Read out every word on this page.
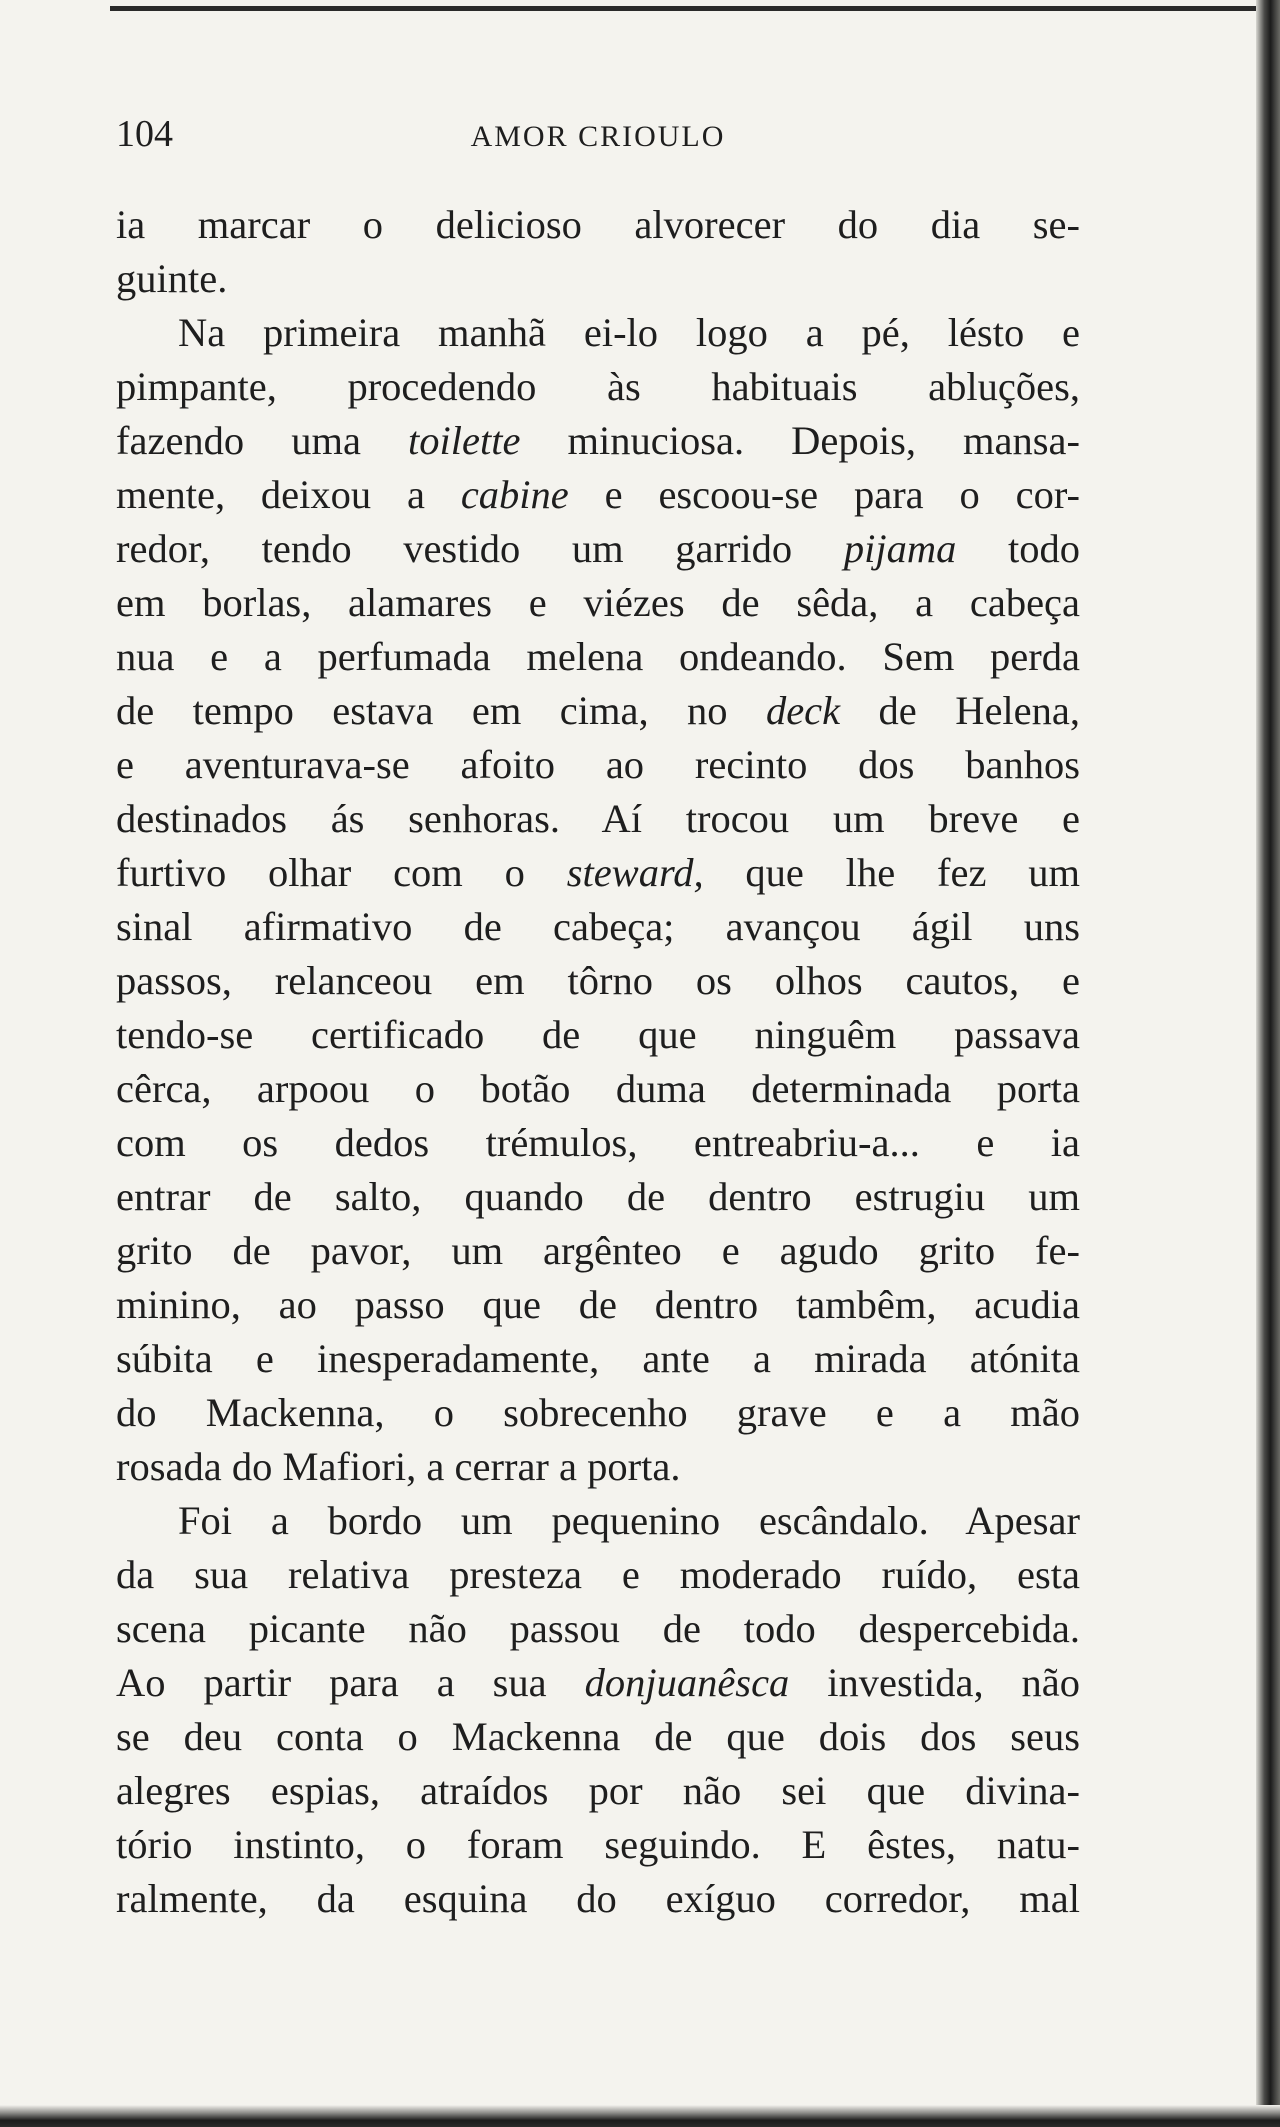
104	AMOR CRIOULO

ia marcar o delicioso alvorecer do dia se-
guinte.

Na primeira manhã ei-lo logo a pé, lésto e
pimpante, procedendo às habituais abluções,
fazendo uma toilette minuciosa. Depois, mansa-
mente, deixou a cabine e escoou-se para o cor-
redor, tendo vestido um garrido pijama todo
em borlas, alamares e viézes de sêda, a cabeça
nua e a perfumada melena ondeando. Sem perda
de tempo estava em cima, no deck de Helena,
e aventurava-se afoito ao recinto dos banhos
destinados ás senhoras. Aí trocou um breve e
furtivo olhar com o steward, que lhe fez um
sinal afirmativo de cabeça; avançou ágil uns
passos, relanceou em tôrno os olhos cautos, e
tendo-se certificado de que ninguêm passava
cêrca, arpoou o botão duma determinada porta
com os dedos trémulos, entreabriu-a... e ia
entrar de salto, quando de dentro estrugiu um
grito de pavor, um argênteo e agudo grito fe-
minino, ao passo que de dentro tambêm, acudia
súbita e inesperadamente, ante a mirada atónita
do Mackenna, o sobrecenho grave e a mão
rosada do Mafiori, a cerrar a porta.

Foi a bordo um pequenino escândalo. Apesar
da sua relativa presteza e moderado ruído, esta
scena picante não passou de todo despercebida.
Ao partir para a sua donjuanêsca investida, não
se deu conta o Mackenna de que dois dos seus
alegres espias, atraídos por não sei que divina-
tório instinto, o foram seguindo. E êstes, natu-
ralmente, da esquina do exíguo corredor, mal
